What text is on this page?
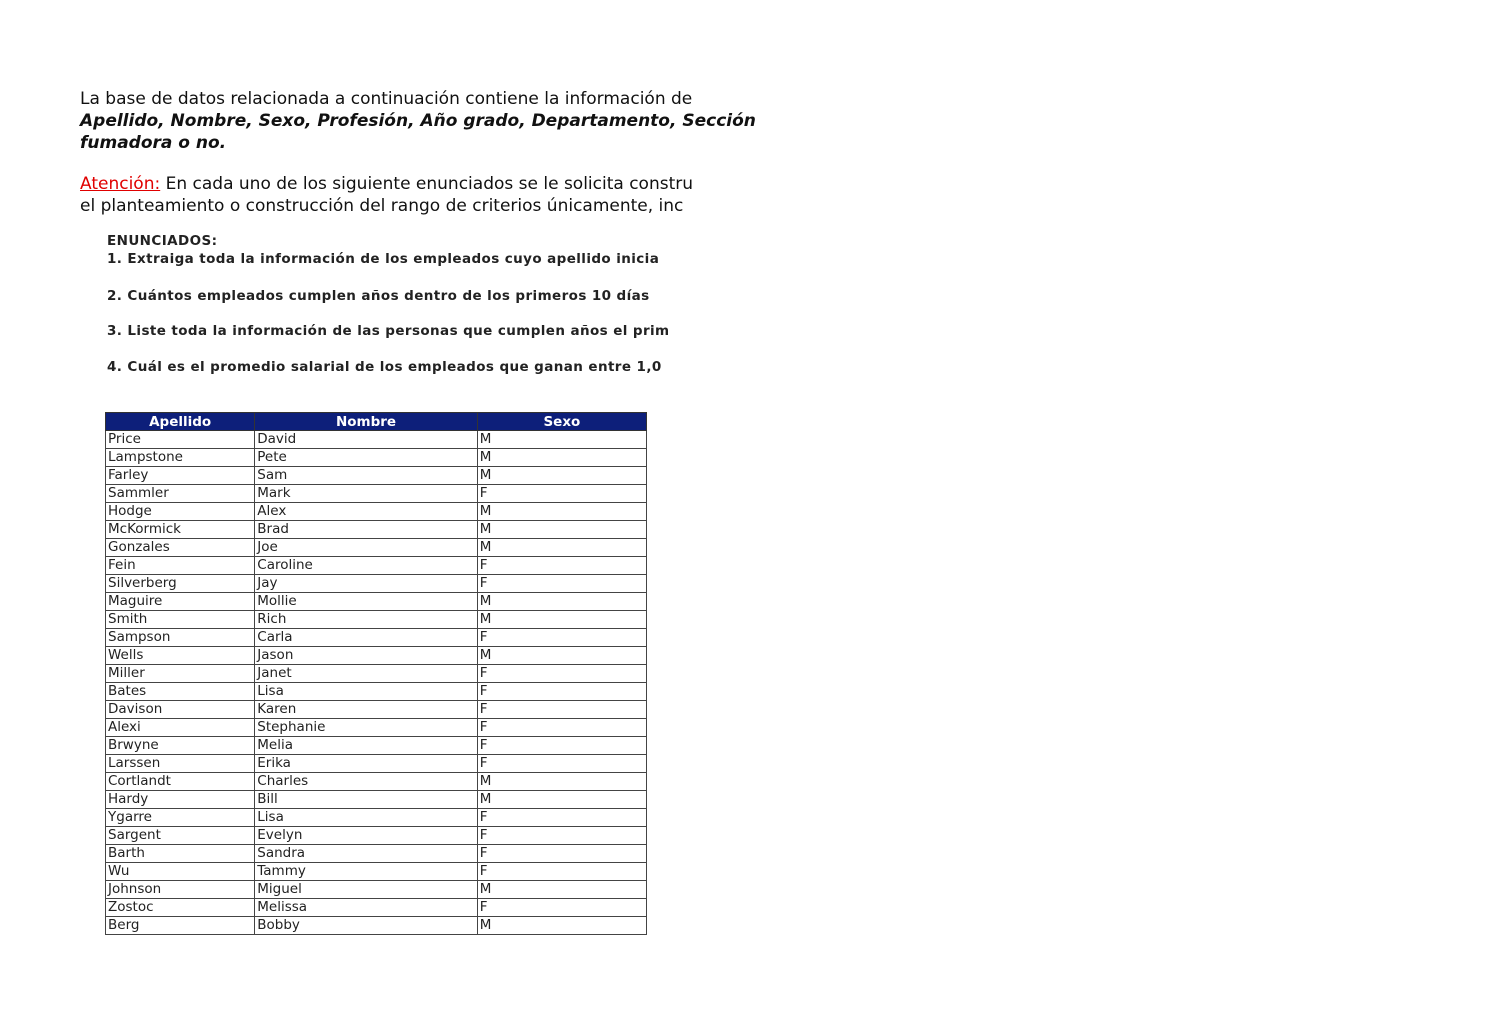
La base de datos relacionada a continuación contiene la información de
Apellido, Nombre, Sexo, Profesión, Año grado, Departamento, Sección
fumadora o no.
Atención: En cada uno de los siguiente enunciados se le solicita constru
el planteamiento o construcción del rango de criterios únicamente, inc
ENUNCIADOS:
1. Extraiga toda la información de los empleados cuyo apellido inicia
2. Cuántos empleados cumplen años dentro de los primeros 10 días
3. Liste toda la información de las personas que cumplen años el prim
4. Cuál es el promedio salarial de los empleados que ganan entre 1,0
Apellido	Nombre	Sexo
Price	David	M
Lampstone	Pete	M
Farley	Sam	M
Sammler	Mark	F
Hodge	Alex	M
McKormick	Brad	M
Gonzales	Joe	M
Fein	Caroline	F
Silverberg	Jay	F
Maguire	Mollie	M
Smith	Rich	M
Sampson	Carla	F
Wells	Jason	M
Miller	Janet	F
Bates	Lisa	F
Davison	Karen	F
Alexi	Stephanie	F
Brwyne	Melia	F
Larssen	Erika	F
Cortlandt	Charles	M
Hardy	Bill	M
Ygarre	Lisa	F
Sargent	Evelyn	F
Barth	Sandra	F
Wu	Tammy	F
Johnson	Miguel	M
Zostoc	Melissa	F
Berg	Bobby	M
